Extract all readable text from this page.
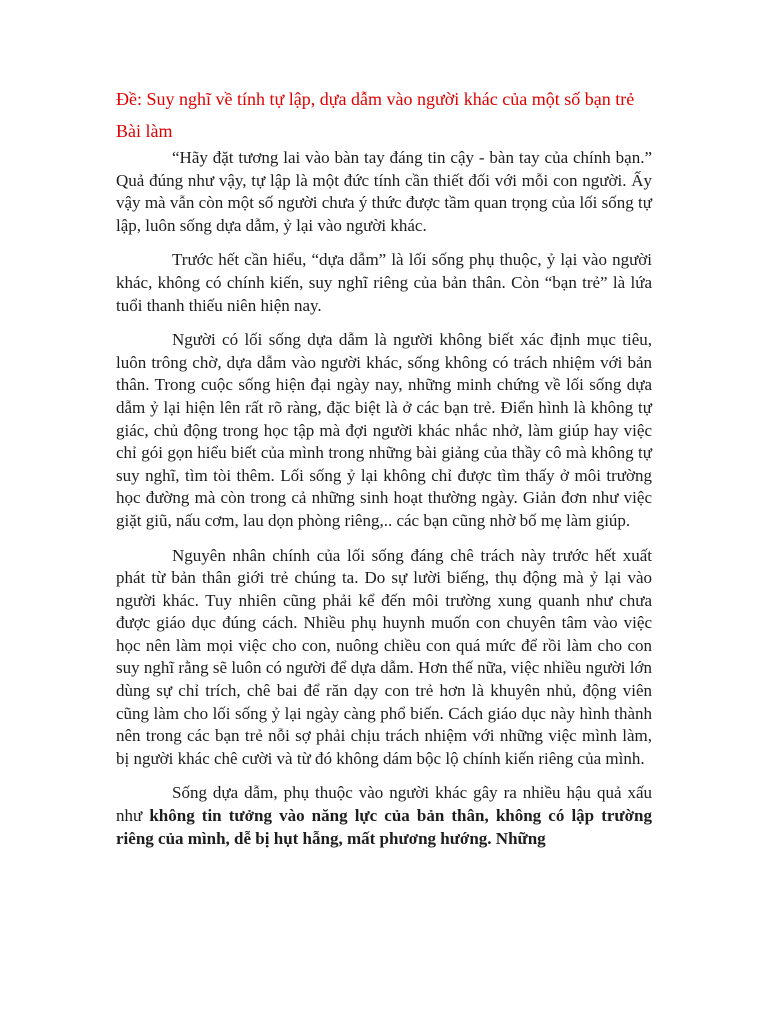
Đề: Suy nghĩ về tính tự lập, dựa dẫm vào người khác của một số bạn trẻ
Bài làm

“Hãy đặt tương lai vào bàn tay đáng tin cậy - bàn tay của chính bạn.” Quả đúng như vậy, tự lập là một đức tính cần thiết đối với mỗi con người. Ấy vậy mà vẫn còn một số người chưa ý thức được tầm quan trọng của lối sống tự lập, luôn sống dựa dẫm, ỷ lại vào người khác.

Trước hết cần hiểu, “dựa dẫm” là lối sống phụ thuộc, ỷ lại vào người khác, không có chính kiến, suy nghĩ riêng của bản thân. Còn “bạn trẻ” là lứa tuổi thanh thiếu niên hiện nay.

Người có lối sống dựa dẫm là người không biết xác định mục tiêu, luôn trông chờ, dựa dẫm vào người khác, sống không có trách nhiệm với bản thân. Trong cuộc sống hiện đại ngày nay, những minh chứng về lối sống dựa dẫm ỷ lại hiện lên rất rõ ràng, đặc biệt là ở các bạn trẻ. Điển hình là không tự giác, chủ động trong học tập mà đợi người khác nhắc nhở, làm giúp hay việc chỉ gói gọn hiểu biết của mình trong những bài giảng của thầy cô mà không tự suy nghĩ, tìm tòi thêm. Lối sống ỷ lại không chỉ được tìm thấy ở môi trường học đường mà còn trong cả những sinh hoạt thường ngày. Giản đơn như việc giặt giũ, nấu cơm, lau dọn phòng riêng,.. các bạn cũng nhờ bố mẹ làm giúp.

Nguyên nhân chính của lối sống đáng chê trách này trước hết xuất phát từ bản thân giới trẻ chúng ta. Do sự lười biếng, thụ động mà ỷ lại vào người khác. Tuy nhiên cũng phải kể đến môi trường xung quanh như chưa được giáo dục đúng cách. Nhiều phụ huynh muốn con chuyên tâm vào việc học nên làm mọi việc cho con, nuông chiều con quá mức để rồi làm cho con suy nghĩ rằng sẽ luôn có người để dựa dẫm. Hơn thế nữa, việc nhiều người lớn dùng sự chỉ trích, chê bai để răn dạy con trẻ hơn là khuyên nhủ, động viên cũng làm cho lối sống ỷ lại ngày càng phổ biến. Cách giáo dục này hình thành nên trong các bạn trẻ nỗi sợ phải chịu trách nhiệm với những việc mình làm, bị người khác chê cười và từ đó không dám bộc lộ chính kiến riêng của mình.

Sống dựa dẫm, phụ thuộc vào người khác gây ra nhiều hậu quả xấu như không tin tưởng vào năng lực của bản thân, không có lập trường riêng của mình, dễ bị hụt hẫng, mất phương hướng. Những
